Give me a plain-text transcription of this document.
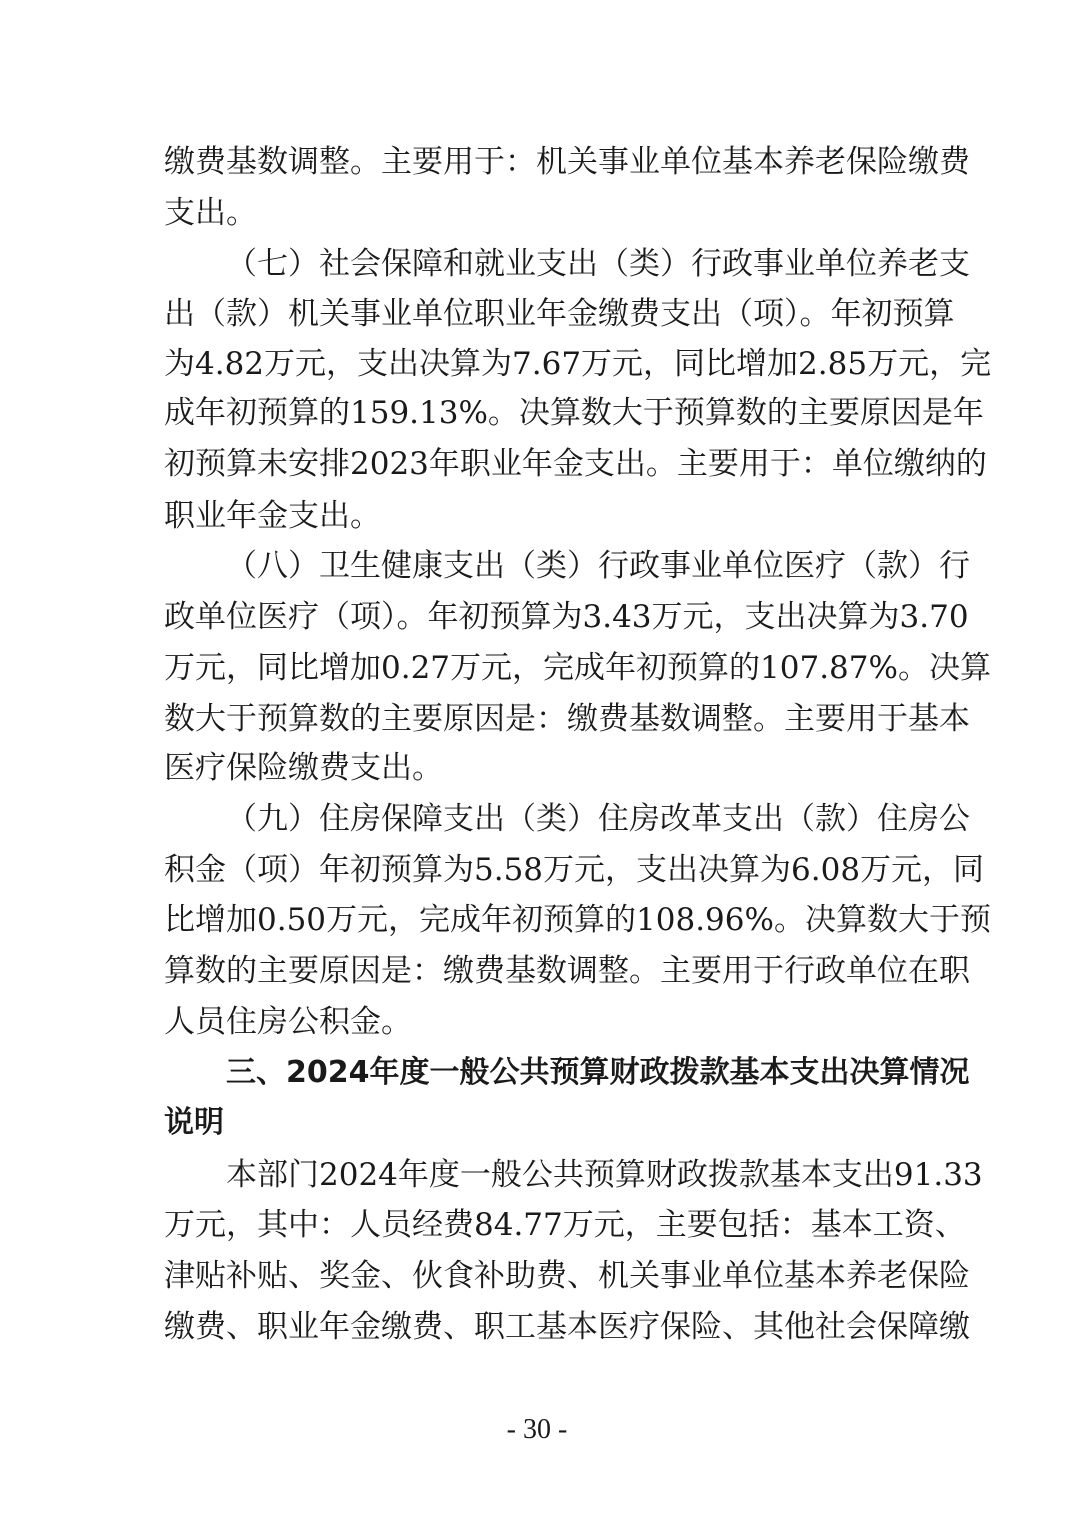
缴费基数调整。主要用于：机关事业单位基本养老保险缴费
支出。
（七）社会保障和就业支出（类）行政事业单位养老支
出（款）机关事业单位职业年金缴费支出（项）。年初预算
为4.82万元，支出决算为7.67万元，同比增加2.85万元，完
成年初预算的159.13%。决算数大于预算数的主要原因是年
初预算未安排2023年职业年金支出。主要用于：单位缴纳的
职业年金支出。
（八）卫生健康支出（类）行政事业单位医疗（款）行
政单位医疗（项）。年初预算为3.43万元，支出决算为3.70
万元，同比增加0.27万元，完成年初预算的107.87%。决算
数大于预算数的主要原因是：缴费基数调整。主要用于基本
医疗保险缴费支出。
（九）住房保障支出（类）住房改革支出（款）住房公
积金（项）年初预算为5.58万元，支出决算为6.08万元，同
比增加0.50万元，完成年初预算的108.96%。决算数大于预
算数的主要原因是：缴费基数调整。主要用于行政单位在职
人员住房公积金。
三、2024年度一般公共预算财政拨款基本支出决算情况
说明
本部门2024年度一般公共预算财政拨款基本支出91.33
万元，其中：人员经费84.77万元，主要包括：基本工资、
津贴补贴、奖金、伙食补助费、机关事业单位基本养老保险
缴费、职业年金缴费、职工基本医疗保险、其他社会保障缴
- 30 -
